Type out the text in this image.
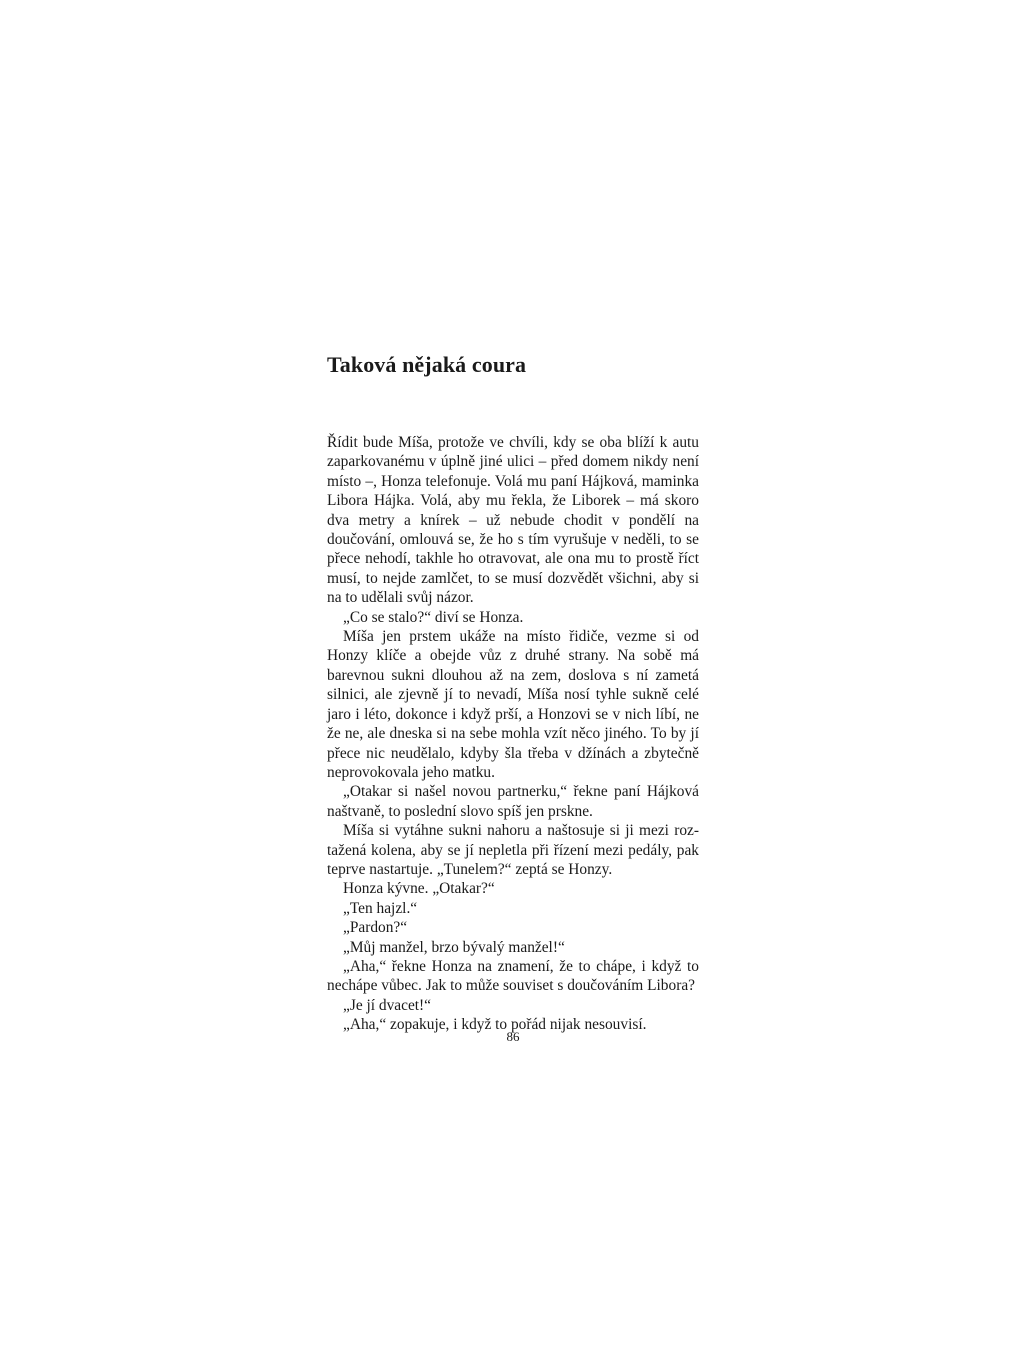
Taková nějaká coura

Řídit bude Míša, protože ve chvíli, kdy se oba blíží k autu zaparkovanému v úplně jiné ulici – před domem nikdy není místo –, Honza telefonuje. Volá mu paní Hájková, maminka Libora Hájka. Volá, aby mu řekla, že Liborek – má skoro dva metry a knírek – už nebude chodit v pondělí na doučování, omlouvá se, že ho s tím vyrušuje v neděli, to se přece nehodí, takhle ho otravovat, ale ona mu to prostě říct musí, to nejde zamlčet, to se musí dozvědět všichni, aby si na to udělali svůj názor.

„Co se stalo?“ diví se Honza.

Míša jen prstem ukáže na místo řidiče, vezme si od Honzy klíče a obejde vůz z druhé strany. Na sobě má barevnou sukni dlouhou až na zem, doslova s ní zametá silnici, ale zjevně jí to nevadí, Míša nosí tyhle sukně celé jaro i léto, dokonce i když prší, a Honzovi se v nich líbí, ne že ne, ale dneska si na sebe mohla vzít něco jiného. To by jí přece nic neudělalo, kdyby šla třeba v džínách a zbytečně neprovokovala jeho matku.

„Otakar si našel novou partnerku,“ řekne paní Hájková naštvaně, to poslední slovo spíš jen prskne.

Míša si vytáhne sukni nahoru a naštosuje si ji mezi roztažená kolena, aby se jí nepletla při řízení mezi pedály, pak teprve nastartuje. „Tunelem?“ zeptá se Honzy.

Honza kývne. „Otakar?“

„Ten hajzl.“

„Pardon?“

„Můj manžel, brzo bývalý manžel!“

„Aha,“ řekne Honza na znamení, že to chápe, i když to nechápe vůbec. Jak to může souviset s doučováním Libora?

„Je jí dvacet!“

„Aha,“ zopakuje, i když to pořád nijak nesouvisí.

86
